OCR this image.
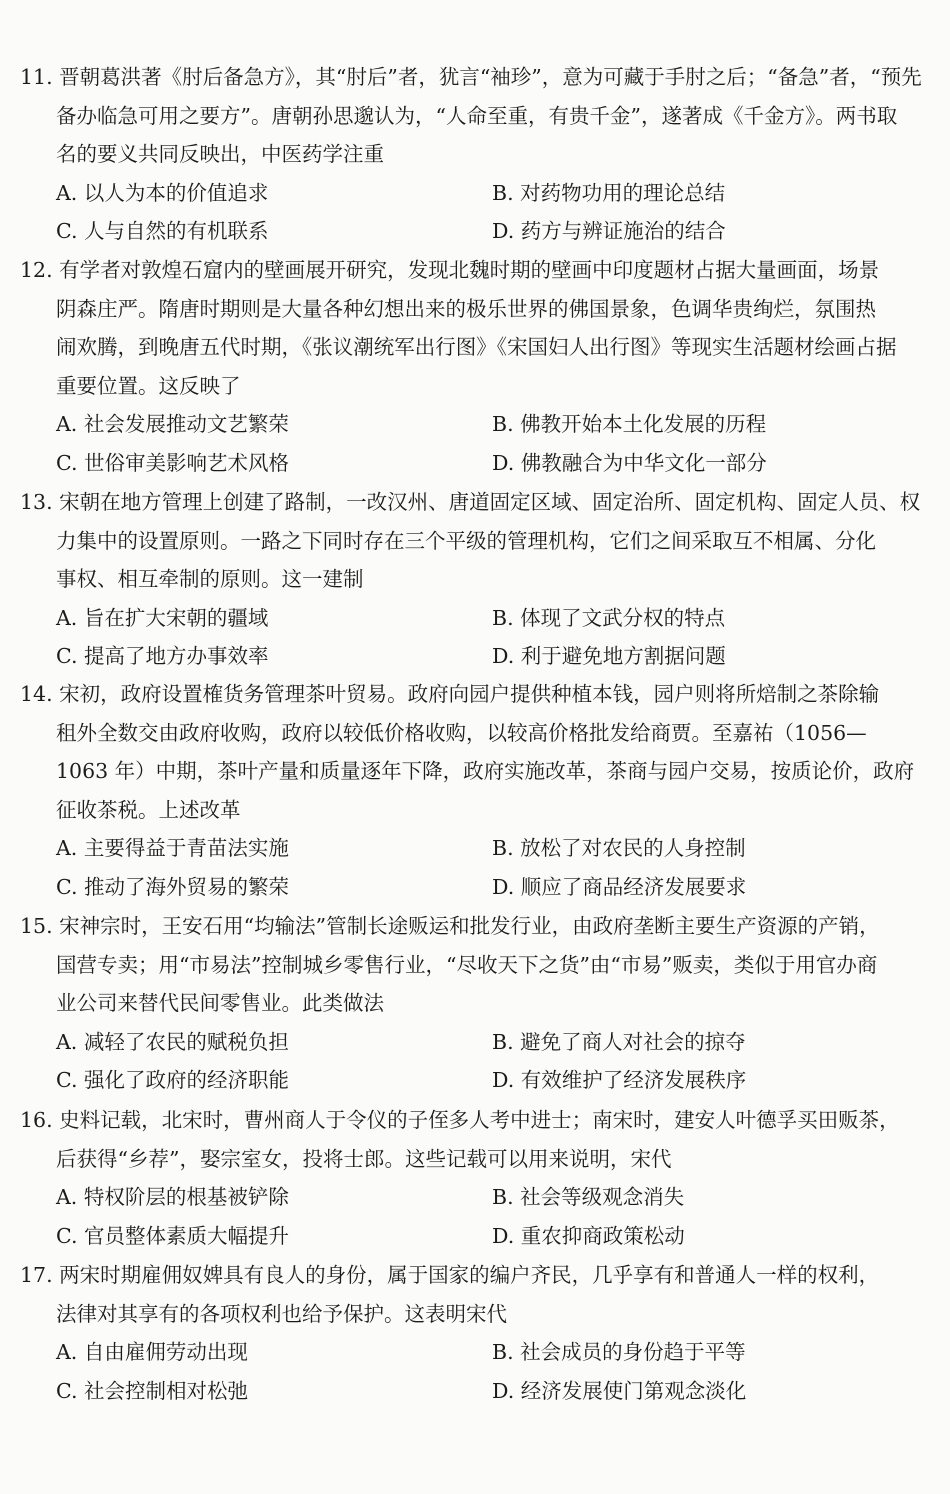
11. 晋朝葛洪著《肘后备急方》，其“肘后”者，犹言“袖珍”，意为可藏于手肘之后；“备急”者，“预先
备办临急可用之要方”。唐朝孙思邈认为，“人命至重，有贵千金”，遂著成《千金方》。两书取
名的要义共同反映出，中医药学注重
A. 以人为本的价值追求	B. 对药物功用的理论总结
C. 人与自然的有机联系	D. 药方与辨证施治的结合
12. 有学者对敦煌石窟内的壁画展开研究，发现北魏时期的壁画中印度题材占据大量画面，场景
阴森庄严。隋唐时期则是大量各种幻想出来的极乐世界的佛国景象，色调华贵绚烂，氛围热
闹欢腾，到晚唐五代时期，《张议潮统军出行图》《宋国妇人出行图》等现实生活题材绘画占据
重要位置。这反映了
A. 社会发展推动文艺繁荣	B. 佛教开始本土化发展的历程
C. 世俗审美影响艺术风格	D. 佛教融合为中华文化一部分
13. 宋朝在地方管理上创建了路制，一改汉州、唐道固定区域、固定治所、固定机构、固定人员、权
力集中的设置原则。一路之下同时存在三个平级的管理机构，它们之间采取互不相属、分化
事权、相互牵制的原则。这一建制
A. 旨在扩大宋朝的疆域	B. 体现了文武分权的特点
C. 提高了地方办事效率	D. 利于避免地方割据问题
14. 宋初，政府设置榷货务管理茶叶贸易。政府向园户提供种植本钱，园户则将所焙制之茶除输
租外全数交由政府收购，政府以较低价格收购，以较高价格批发给商贾。至嘉祐（1056—
1063 年）中期，茶叶产量和质量逐年下降，政府实施改革，茶商与园户交易，按质论价，政府
征收茶税。上述改革
A. 主要得益于青苗法实施	B. 放松了对农民的人身控制
C. 推动了海外贸易的繁荣	D. 顺应了商品经济发展要求
15. 宋神宗时，王安石用“均输法”管制长途贩运和批发行业，由政府垄断主要生产资源的产销，
国营专卖；用“市易法”控制城乡零售行业，“尽收天下之货”由“市易”贩卖，类似于用官办商
业公司来替代民间零售业。此类做法
A. 减轻了农民的赋税负担	B. 避免了商人对社会的掠夺
C. 强化了政府的经济职能	D. 有效维护了经济发展秩序
16. 史料记载，北宋时，曹州商人于令仪的子侄多人考中进士；南宋时，建安人叶德孚买田贩茶，
后获得“乡荐”，娶宗室女，投将士郎。这些记载可以用来说明，宋代
A. 特权阶层的根基被铲除	B. 社会等级观念消失
C. 官员整体素质大幅提升	D. 重农抑商政策松动
17. 两宋时期雇佣奴婢具有良人的身份，属于国家的编户齐民，几乎享有和普通人一样的权利，
法律对其享有的各项权利也给予保护。这表明宋代
A. 自由雇佣劳动出现	B. 社会成员的身份趋于平等
C. 社会控制相对松弛	D. 经济发展使门第观念淡化
